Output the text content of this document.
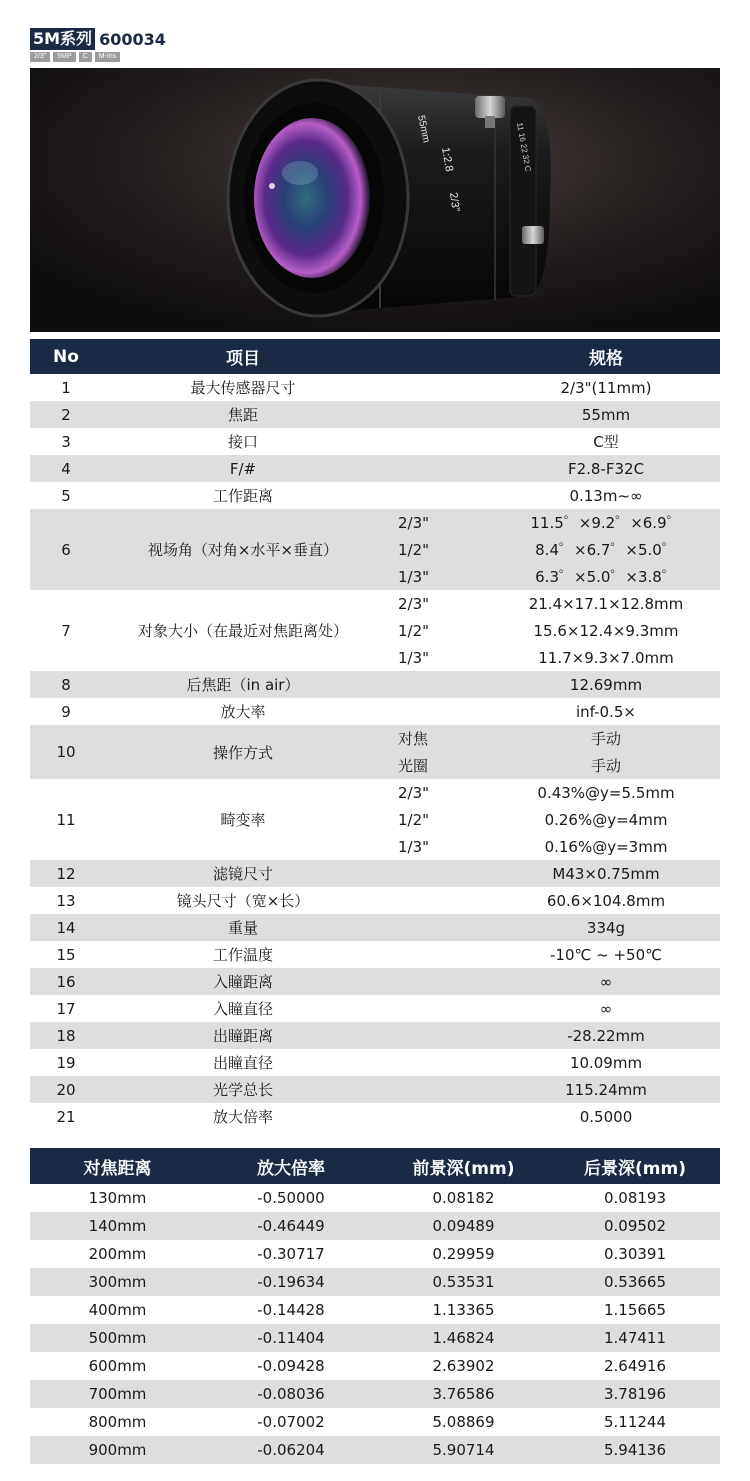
5M系列 600034
2/3"	5MP	C	M-Iris
55mm
1:2.8
2/3"
11 16 22 32 C
No	项目		规格
1	最大传感器尺寸		2/3"(11mm)
2	焦距		55mm
3	接口		C型
4	F/#		F2.8-F32C
5	工作距离		0.13m~∞
6	视场角（对角×水平×垂直）	2/3"	11.5゜×9.2゜×6.9゜
		1/2"	8.4゜×6.7゜×5.0゜
		1/3"	6.3゜×5.0゜×3.8゜
7	对象大小（在最近对焦距离处）	2/3"	21.4×17.1×12.8mm
		1/2"	15.6×12.4×9.3mm
		1/3"	11.7×9.3×7.0mm
8	后焦距（in air）		12.69mm
9	放大率		inf-0.5×
10	操作方式	对焦	手动
		光圈	手动
11	畸变率	2/3"	0.43%@y=5.5mm
		1/2"	0.26%@y=4mm
		1/3"	0.16%@y=3mm
12	滤镜尺寸		M43×0.75mm
13	镜头尺寸（宽×长）		60.6×104.8mm
14	重量		334g
15	工作温度		-10℃ ~ +50℃
16	入瞳距离		∞
17	入瞳直径		∞
18	出瞳距离		-28.22mm
19	出瞳直径		10.09mm
20	光学总长		115.24mm
21	放大倍率		0.5000
对焦距离	放大倍率	前景深(mm)	后景深(mm)
130mm	-0.50000	0.08182	0.08193
140mm	-0.46449	0.09489	0.09502
200mm	-0.30717	0.29959	0.30391
300mm	-0.19634	0.53531	0.53665
400mm	-0.14428	1.13365	1.15665
500mm	-0.11404	1.46824	1.47411
600mm	-0.09428	2.63902	2.64916
700mm	-0.08036	3.76586	3.78196
800mm	-0.07002	5.08869	5.11244
900mm	-0.06204	5.90714	5.94136
